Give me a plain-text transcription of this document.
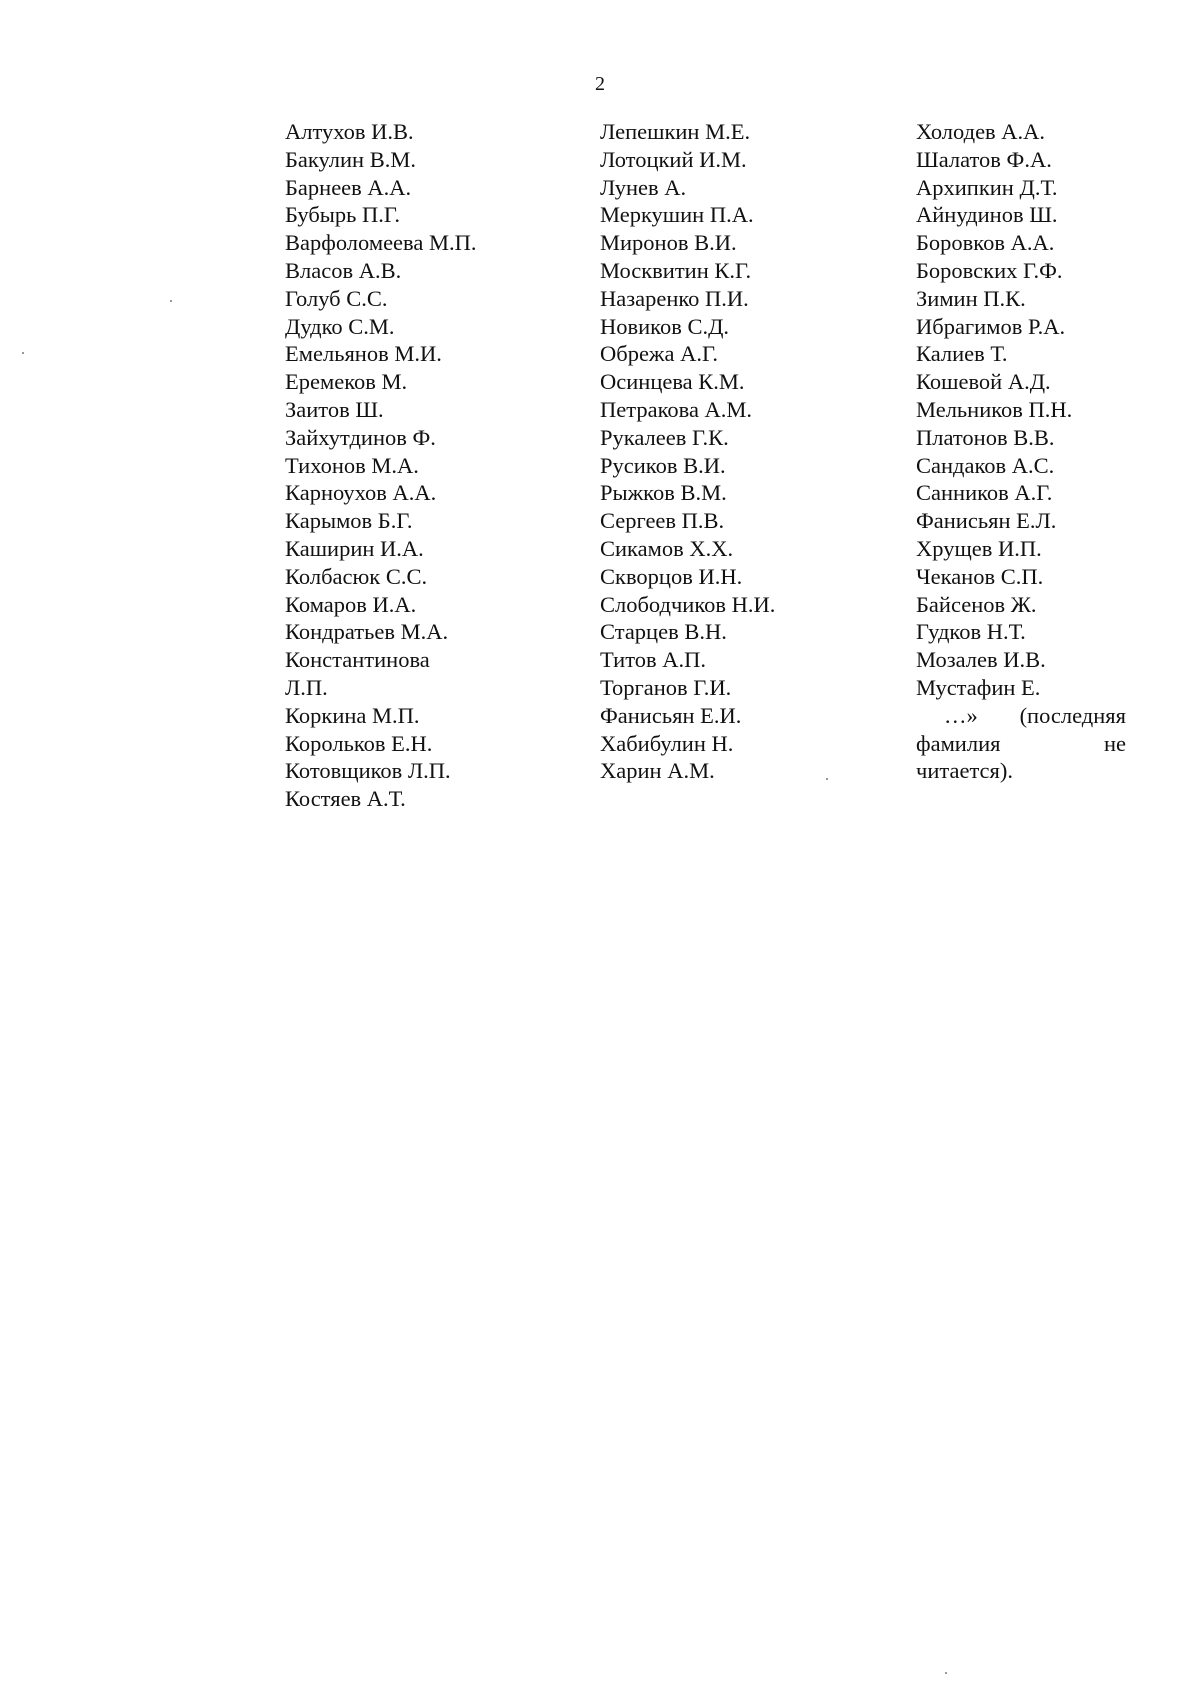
2
Алтухов И.В.
Бакулин В.М.
Барнеев А.А.
Бубырь П.Г.
Варфоломеева М.П.
Власов А.В.
Голуб С.С.
Дудко С.М.
Емельянов М.И.
Еремеков М.
Заитов Ш.
Зайхутдинов Ф.
Тихонов М.А.
Карноухов А.А.
Карымов Б.Г.
Каширин И.А.
Колбасюк С.С.
Комаров И.А.
Кондратьев М.А.
Константинова
Л.П.
Коркина М.П.
Корольков Е.Н.
Котовщиков Л.П.
Костяев А.Т.
Лепешкин М.Е.
Лотоцкий И.М.
Лунев А.
Меркушин П.А.
Миронов В.И.
Москвитин К.Г.
Назаренко П.И.
Новиков С.Д.
Обрежа А.Г.
Осинцева К.М.
Петракова А.М.
Рукалеев Г.К.
Русиков В.И.
Рыжков В.М.
Сергеев П.В.
Сикамов Х.Х.
Скворцов И.Н.
Слободчиков Н.И.
Старцев В.Н.
Титов А.П.
Торганов Г.И.
Фанисьян Е.И.
Хабибулин Н.
Харин А.М.
Холодев А.А.
Шалатов Ф.А.
Архипкин Д.Т.
Айнудинов Ш.
Боровков А.А.
Боровских Г.Ф.
Зимин П.К.
Ибрагимов Р.А.
Калиев Т.
Кошевой А.Д.
Мельников П.Н.
Платонов В.В.
Сандаков А.С.
Санников А.Г.
Фанисьян Е.Л.
Хрущев И.П.
Чеканов С.П.
Байсенов Ж.
Гудков Н.Т.
Мозалев И.В.
Мустафин Е.
…» (последняя
фамилия	не
читается).
